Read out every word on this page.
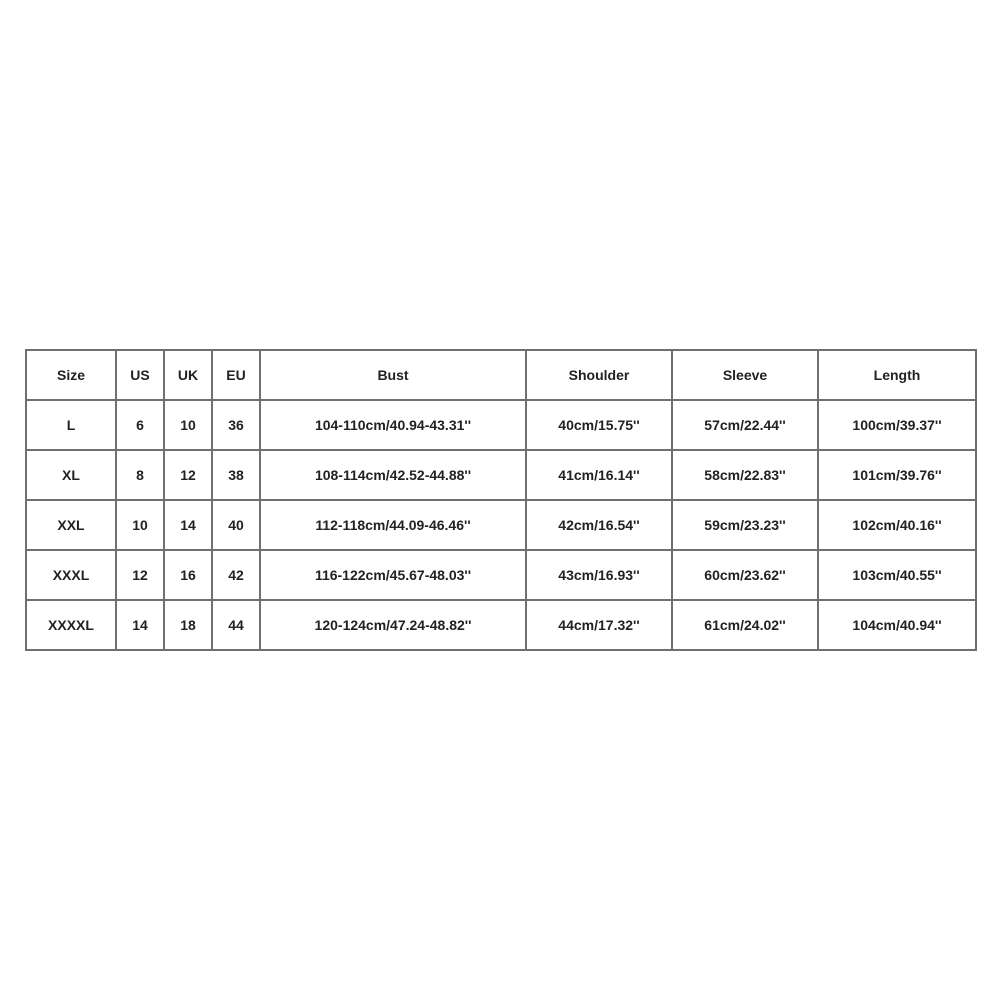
Size	US	UK	EU	Bust	Shoulder	Sleeve	Length
L	6	10	36	104-110cm/40.94-43.31''	40cm/15.75''	57cm/22.44''	100cm/39.37''
XL	8	12	38	108-114cm/42.52-44.88''	41cm/16.14''	58cm/22.83''	101cm/39.76''
XXL	10	14	40	112-118cm/44.09-46.46''	42cm/16.54''	59cm/23.23''	102cm/40.16''
XXXL	12	16	42	116-122cm/45.67-48.03''	43cm/16.93''	60cm/23.62''	103cm/40.55''
XXXXL	14	18	44	120-124cm/47.24-48.82''	44cm/17.32''	61cm/24.02''	104cm/40.94''
